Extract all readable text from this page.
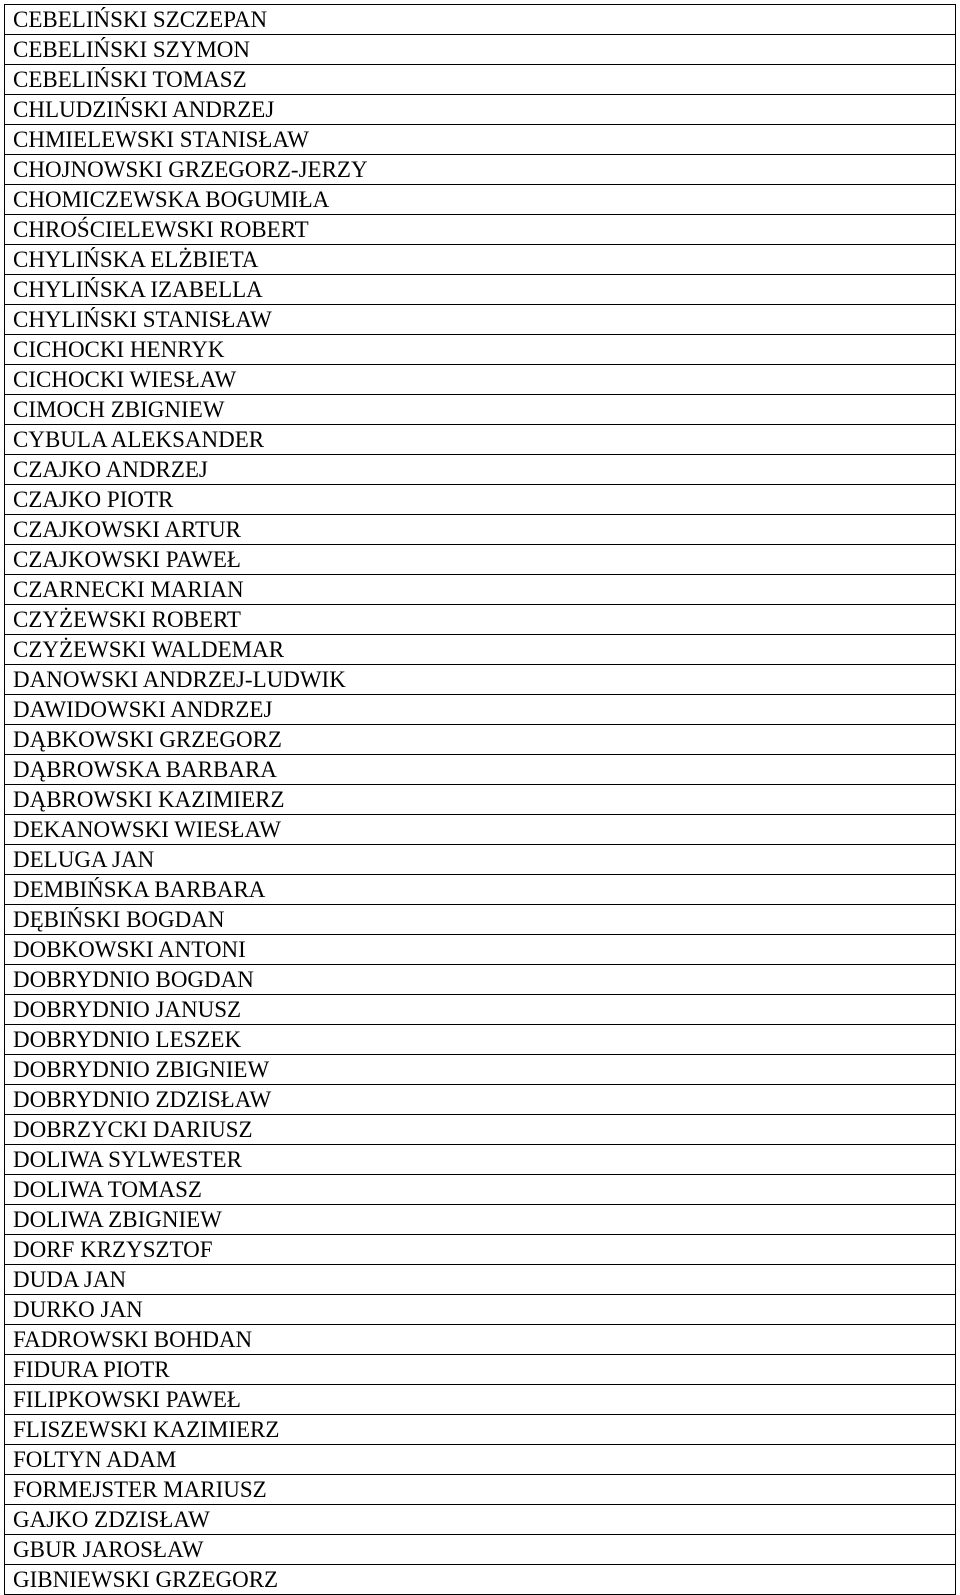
CEBELIŃSKI SZCZEPAN
CEBELIŃSKI SZYMON
CEBELIŃSKI TOMASZ
CHLUDZIŃSKI ANDRZEJ
CHMIELEWSKI STANISŁAW
CHOJNOWSKI GRZEGORZ-JERZY
CHOMICZEWSKA BOGUMIŁA
CHROŚCIELEWSKI ROBERT
CHYLIŃSKA ELŻBIETA
CHYLIŃSKA IZABELLA
CHYLIŃSKI STANISŁAW
CICHOCKI HENRYK
CICHOCKI WIESŁAW
CIMOCH ZBIGNIEW
CYBULA ALEKSANDER
CZAJKO ANDRZEJ
CZAJKO PIOTR
CZAJKOWSKI ARTUR
CZAJKOWSKI PAWEŁ
CZARNECKI MARIAN
CZYŻEWSKI ROBERT
CZYŻEWSKI WALDEMAR
DANOWSKI ANDRZEJ-LUDWIK
DAWIDOWSKI ANDRZEJ
DĄBKOWSKI GRZEGORZ
DĄBROWSKA BARBARA
DĄBROWSKI KAZIMIERZ
DEKANOWSKI WIESŁAW
DELUGA JAN
DEMBIŃSKA BARBARA
DĘBIŃSKI BOGDAN
DOBKOWSKI ANTONI
DOBRYDNIO BOGDAN
DOBRYDNIO JANUSZ
DOBRYDNIO LESZEK
DOBRYDNIO ZBIGNIEW
DOBRYDNIO ZDZISŁAW
DOBRZYCKI DARIUSZ
DOLIWA SYLWESTER
DOLIWA TOMASZ
DOLIWA ZBIGNIEW
DORF KRZYSZTOF
DUDA JAN
DURKO JAN
FADROWSKI BOHDAN
FIDURA PIOTR
FILIPKOWSKI PAWEŁ
FLISZEWSKI KAZIMIERZ
FOLTYN ADAM
FORMEJSTER MARIUSZ
GAJKO ZDZISŁAW
GBUR JAROSŁAW
GIBNIEWSKI GRZEGORZ
